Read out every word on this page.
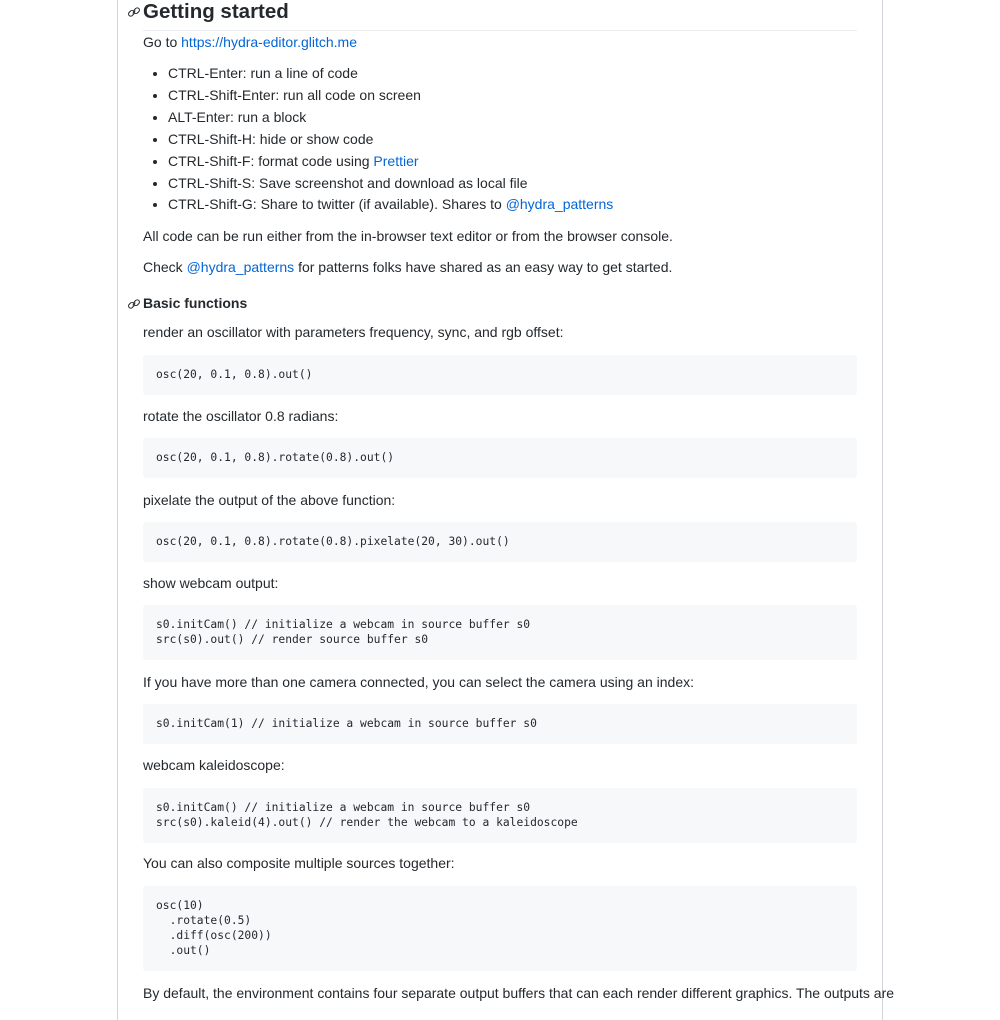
Getting started

Go to https://hydra-editor.glitch.me

• CTRL-Enter: run a line of code
• CTRL-Shift-Enter: run all code on screen
• ALT-Enter: run a block
• CTRL-Shift-H: hide or show code
• CTRL-Shift-F: format code using Prettier
• CTRL-Shift-S: Save screenshot and download as local file
• CTRL-Shift-G: Share to twitter (if available). Shares to @hydra_patterns

All code can be run either from the in-browser text editor or from the browser console.

Check @hydra_patterns for patterns folks have shared as an easy way to get started.

Basic functions

render an oscillator with parameters frequency, sync, and rgb offset:

osc(20, 0.1, 0.8).out()

rotate the oscillator 0.8 radians:

osc(20, 0.1, 0.8).rotate(0.8).out()

pixelate the output of the above function:

osc(20, 0.1, 0.8).rotate(0.8).pixelate(20, 30).out()

show webcam output:

s0.initCam() // initialize a webcam in source buffer s0
src(s0).out() // render source buffer s0

If you have more than one camera connected, you can select the camera using an index:

s0.initCam(1) // initialize a webcam in source buffer s0

webcam kaleidoscope:

s0.initCam() // initialize a webcam in source buffer s0
src(s0).kaleid(4).out() // render the webcam to a kaleidoscope

You can also composite multiple sources together:

osc(10)
.rotate(0.5)
.diff(osc(200))
.out()

By default, the environment contains four separate output buffers that can each render different graphics. The outputs are
